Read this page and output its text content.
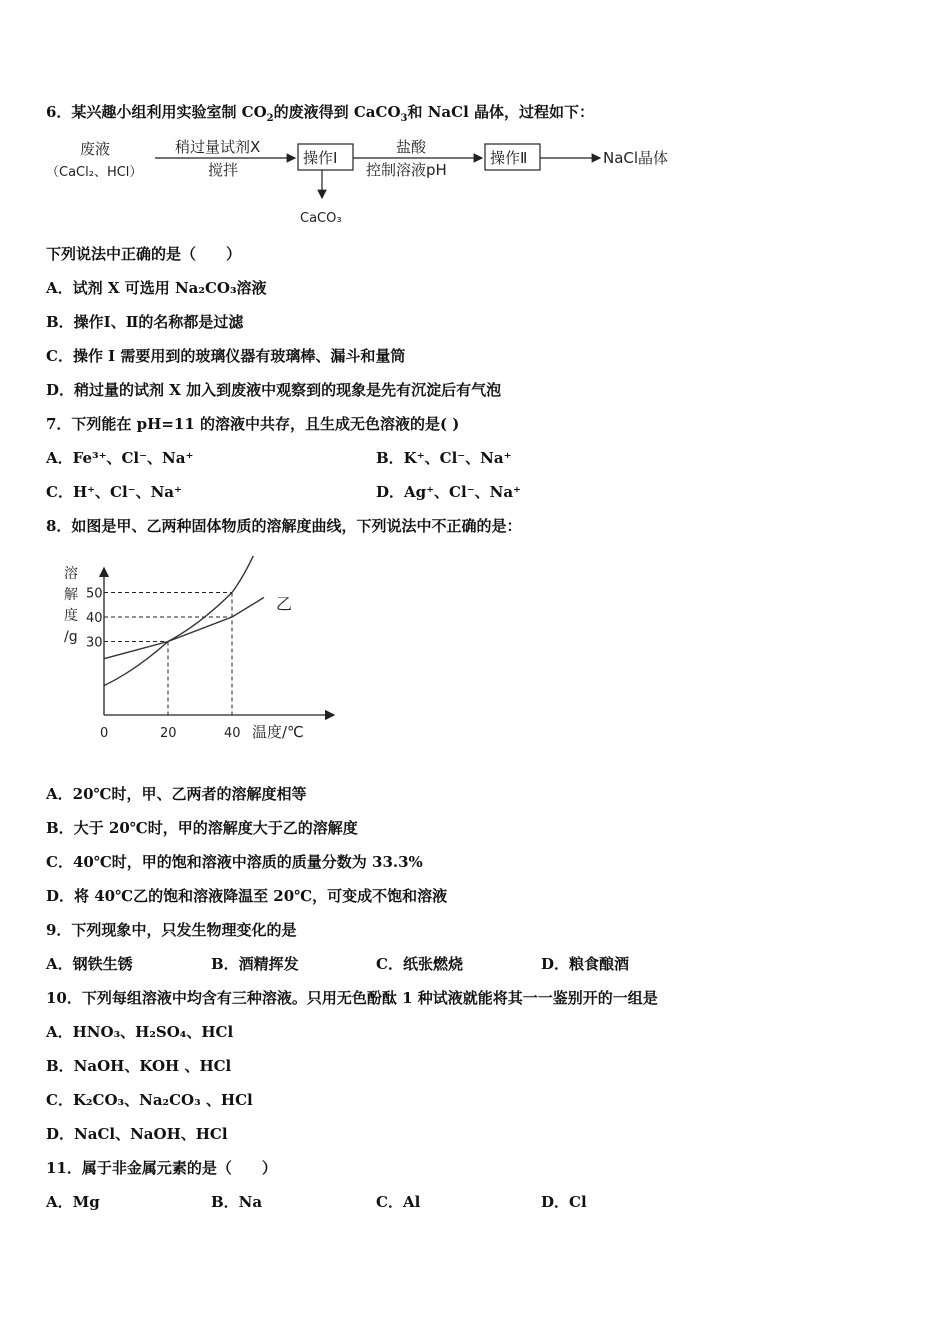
6．某兴趣小组利用实验室制 $CO_2$的废液得到 CaCO$_3$和 NaCl 晶体，过程如下：
废液
（CaCl₂、HCl）
稍过量试剂X
搅拌
操作Ⅰ
CaCO₃
盐酸
控制溶液pH
操作Ⅱ	NaCl晶体
下列说法中正确的是（　　）
A．试剂 X 可选用 Na₂CO₃溶液
B．操作Ⅰ、Ⅱ的名称都是过滤
C．操作 I 需要用到的玻璃仪器有玻璃棒、漏斗和量筒
D．稍过量的试剂 X 加入到废液中观察到的现象是先有沉淀后有气泡
7．下列能在 pH=11 的溶液中共存，且生成无色溶液的是( )
A．Fe³⁺、Cl⁻、Na⁺	B．K⁺、Cl⁻、Na⁺
C．H⁺、Cl⁻、Na⁺	D．Ag⁺、Cl⁻、Na⁺
8．如图是甲、乙两种固体物质的溶解度曲线，下列说法中不正确的是：
溶
解
度
/g
温度/℃
0	20	40
30
40
50
乙
A．20℃时，甲、乙两者的溶解度相等
B．大于 20℃时，甲的溶解度大于乙的溶解度
C．40℃时，甲的饱和溶液中溶质的质量分数为 33.3%
D．将 40℃乙的饱和溶液降温至 20℃，可变成不饱和溶液
9．下列现象中，只发生物理变化的是
A．钢铁生锈	B．酒精挥发	C．纸张燃烧	D．粮食酿酒
10．下列每组溶液中均含有三种溶液。只用无色酚酞 1 种试液就能将其一一鉴别开的一组是
A．HNO₃、H₂SO₄、HCl
B．NaOH、KOH 、HCl
C．K₂CO₃、Na₂CO₃ 、HCl
D．NaCl、NaOH、HCl
11．属于非金属元素的是（　　）
A．Mg	B．Na	C．Al	D．Cl
